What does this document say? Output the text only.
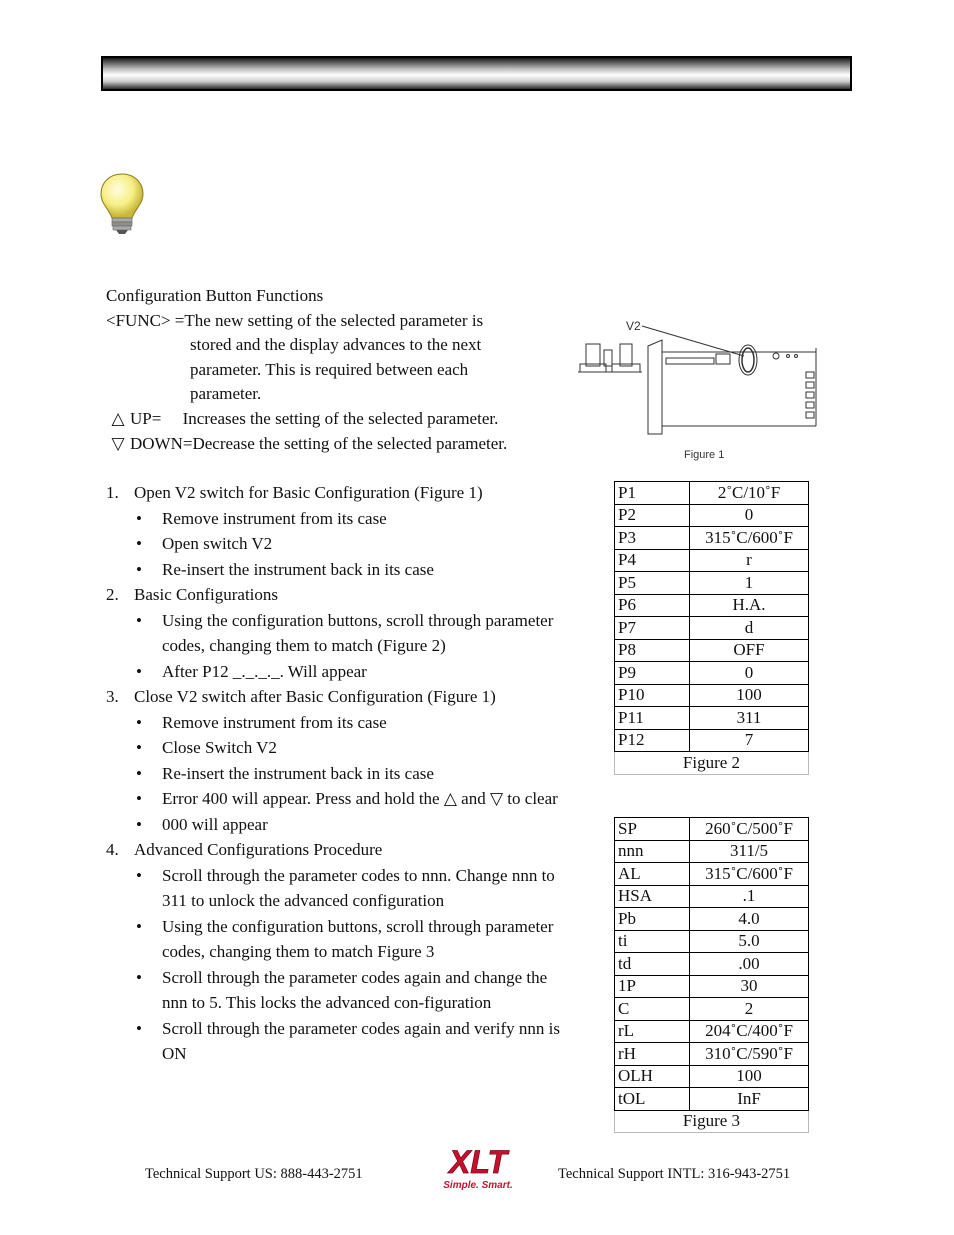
Configuration Button Functions
<FUNC> =The new setting of the selected parameter is
stored and the display advances to the next
parameter. This is required between each
parameter.
△ UP=     Increases the setting of the selected parameter.
▽ DOWN=Decrease the setting of the selected parameter.
1. Open V2 switch for Basic Configuration (Figure 1)
• Remove instrument from its case
• Open switch V2
• Re-insert the instrument back in its case
2. Basic Configurations
• Using the configuration buttons, scroll through parameter codes, changing them to match (Figure 2)
• After P12 _._._._. Will appear
3. Close V2 switch after Basic Configuration (Figure 1)
• Remove instrument from its case
• Close Switch V2
• Re-insert the instrument back in its case
• Error 400 will appear. Press and hold the △ and ▽ to clear
• 000 will appear
4. Advanced Configurations Procedure
• Scroll through the parameter codes to nnn. Change nnn to 311 to unlock the advanced configuration
• Using the configuration buttons, scroll through parameter codes, changing them to match Figure 3
• Scroll through the parameter codes again and change the nnn to 5. This locks the advanced con-figuration
• Scroll through the parameter codes again and verify nnn is ON
V2
Figure 1
P1	2˚C/10˚F
P2	0
P3	315˚C/600˚F
P4	r
P5	1
P6	H.A.
P7	d
P8	OFF
P9	0
P10	100
P11	311
P12	7
Figure 2	
SP	260˚C/500˚F
nnn	311/5
AL	315˚C/600˚F
HSA	.1
Pb	4.0
ti	5.0
td	.00
1P	30
C	2
rL	204˚C/400˚F
rH	310˚C/590˚F
OLH	100
tOL	InF
Figure 3	
Technical Support US: 888-443-2751	XLT
Simple. Smart.
Technical Support INTL: 316-943-2751
